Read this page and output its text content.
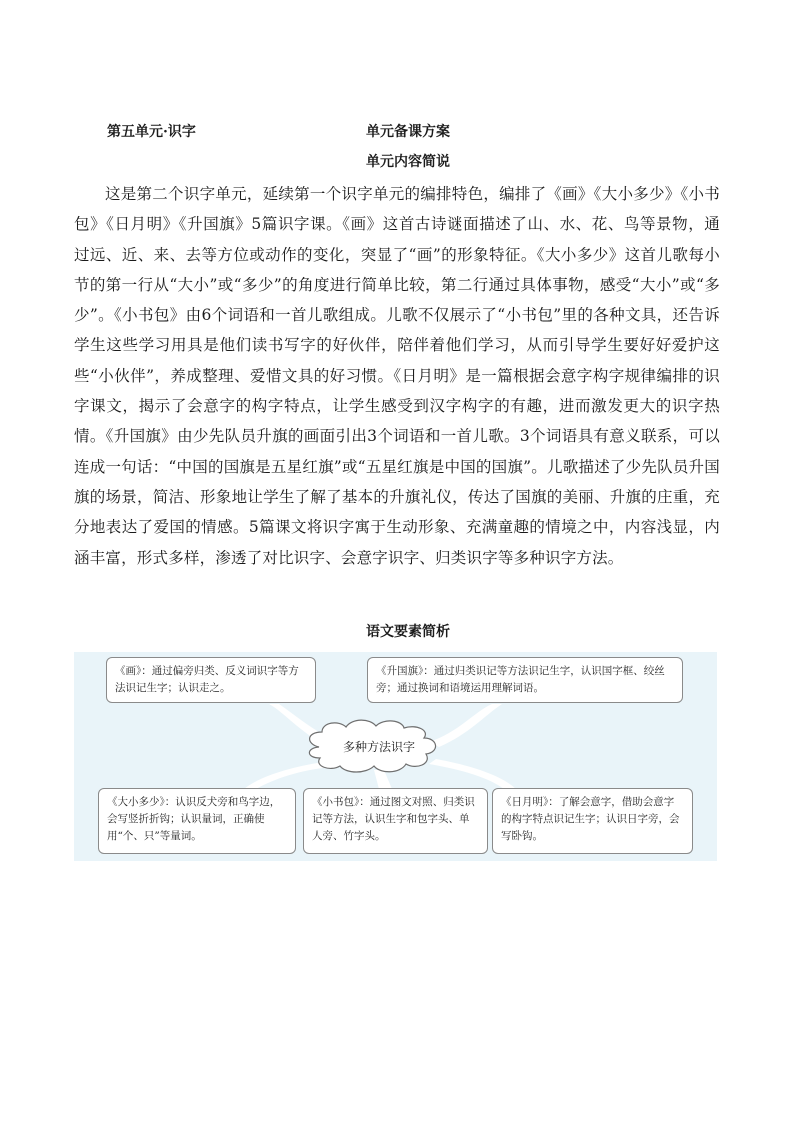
第五单元·识字	单元备课方案
单元内容简说
这是第二个识字单元，延续第一个识字单元的编排特色，编排了《画》《大小多少》《小书包》《日月明》《升国旗》5篇识字课。《画》这首古诗谜面描述了山、水、花、鸟等景物，通过远、近、来、去等方位或动作的变化，突显了“画”的形象特征。《大小多少》这首儿歌每小节的第一行从“大小”或“多少”的角度进行简单比较，第二行通过具体事物，感受“大小”或“多少”。《小书包》由6个词语和一首儿歌组成。儿歌不仅展示了“小书包”里的各种文具，还告诉学生这些学习用具是他们读书写字的好伙伴，陪伴着他们学习，从而引导学生要好好爱护这些“小伙伴”，养成整理、爱惜文具的好习惯。《日月明》是一篇根据会意字构字规律编排的识字课文，揭示了会意字的构字特点，让学生感受到汉字构字的有趣，进而激发更大的识字热情。《升国旗》由少先队员升旗的画面引出3个词语和一首儿歌。3个词语具有意义联系，可以连成一句话：“中国的国旗是五星红旗”或“五星红旗是中国的国旗”。儿歌描述了少先队员升国旗的场景，简洁、形象地让学生了解了基本的升旗礼仪，传达了国旗的美丽、升旗的庄重，充分地表达了爱国的情感。5篇课文将识字寓于生动形象、充满童趣的情境之中，内容浅显，内涵丰富，形式多样，渗透了对比识字、会意字识字、归类识字等多种识字方法。
语文要素简析
多种方法识字
《画》：通过偏旁归类、反义词识字等方法识记生字；认识走之。
《升国旗》：通过归类识记等方法识记生字，认识国字框、绞丝旁；通过换词和语境运用理解词语。
《大小多少》：认识反犬旁和鸟字边，会写竖折折钩；认识量词，正确使用“个、只”等量词。
《小书包》：通过图文对照、归类识记等方法，认识生字和包字头、单人旁、竹字头。
《日月明》：了解会意字，借助会意字的构字特点识记生字；认识日字旁，会写卧钩。
